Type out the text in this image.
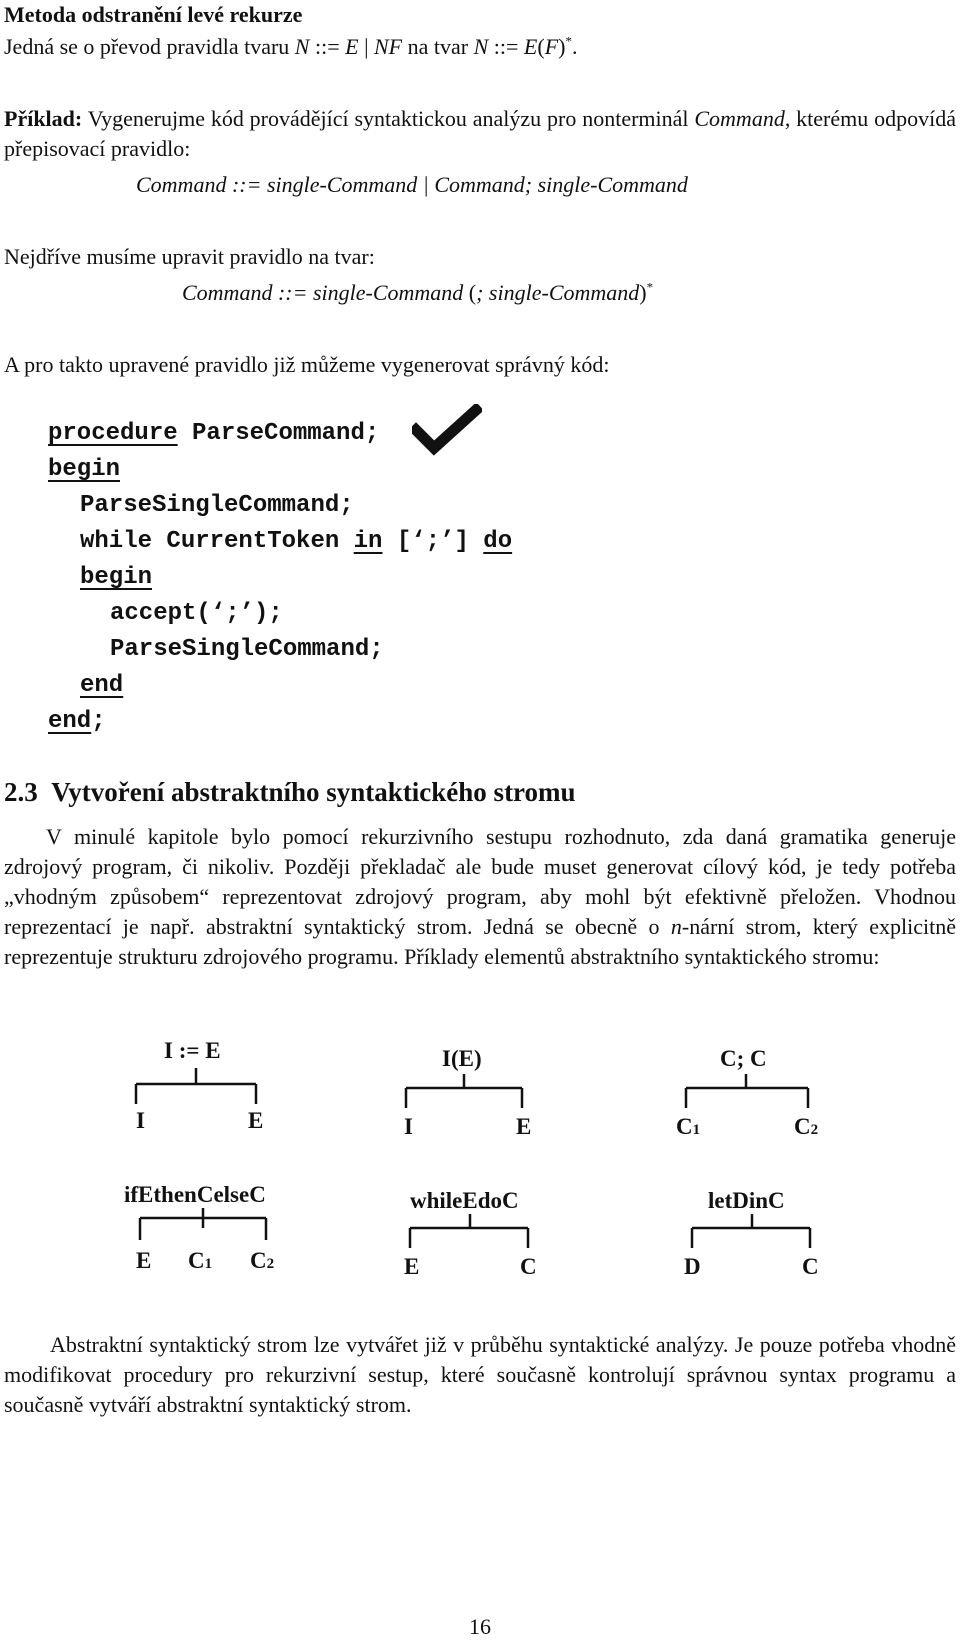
Metoda odstranění levé rekurze
Jedná se o převod pravidla tvaru N ::= E | NF na tvar N ::= E(F)*.
Příklad: Vygenerujme kód provádějící syntaktickou analýzu pro nonterminál Command, kterému odpovídá přepisovací pravidlo:
Command ::= single-Command | Command; single-Command
Nejdříve musíme upravit pravidlo na tvar:
Command ::= single-Command (; single-Command)*
A pro takto upravené pravidlo již můžeme vygenerovat správný kód:
procedure ParseCommand;
begin
ParseSingleCommand;
while CurrentToken in [‘;’] do
begin
accept(‘;’);
ParseSingleCommand;
end
end;
2.3 Vytvoření abstraktního syntaktického stromu
V minulé kapitole bylo pomocí rekurzivního sestupu rozhodnuto, zda daná gramatika generuje zdrojový program, či nikoliv. Později překladač ale bude muset generovat cílový kód, je tedy potřeba „vhodným způsobem“ reprezentovat zdrojový program, aby mohl být efektivně přeložen. Vhodnou reprezentací je např. abstraktní syntaktický strom. Jedná se obecně o n-nární strom, který explicitně reprezentuje strukturu zdrojového programu. Příklady elementů abstraktního syntaktického stromu:
I := E
I	E
I(E)
I	E
C; C
C1	C2
ifEthenCelseC
E C1 C2
whileEdoC
E	C
letDinC
D	C
Abstraktní syntaktický strom lze vytvářet již v průběhu syntaktické analýzy. Je pouze potřeba vhodně modifikovat procedury pro rekurzivní sestup, které současně kontrolují správnou syntax programu a současně vytváří abstraktní syntaktický strom.
16
